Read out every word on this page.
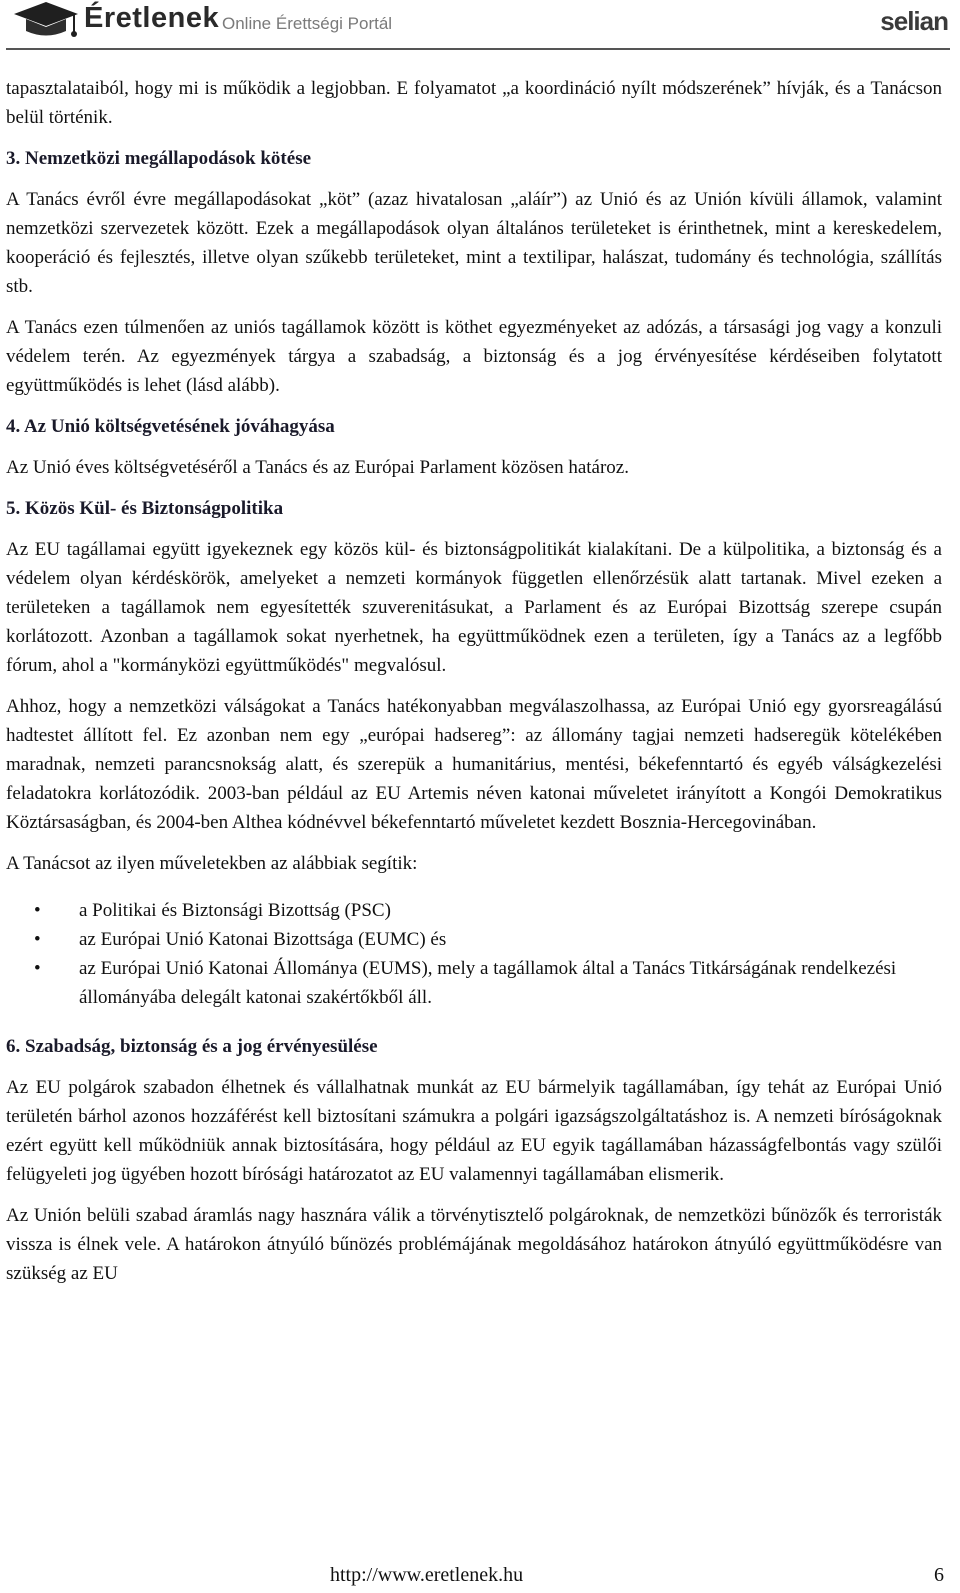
Éretlenek Online Érettségi Portál	selian

tapasztalataiból, hogy mi is működik a legjobban. E folyamatot „a koordináció nyílt módszerének” hívják, és a Tanácson belül történik.

3. Nemzetközi megállapodások kötése

A Tanács évről évre megállapodásokat „köt” (azaz hivatalosan „aláír”) az Unió és az Unión kívüli államok, valamint nemzetközi szervezetek között. Ezek a megállapodások olyan általános területeket is érinthetnek, mint a kereskedelem, kooperáció és fejlesztés, illetve olyan szűkebb területeket, mint a textilipar, halászat, tudomány és technológia, szállítás stb.

A Tanács ezen túlmenően az uniós tagállamok között is köthet egyezményeket az adózás, a társasági jog vagy a konzuli védelem terén. Az egyezmények tárgya a szabadság, a biztonság és a jog érvényesítése kérdéseiben folytatott együttműködés is lehet (lásd alább).

4. Az Unió költségvetésének jóváhagyása

Az Unió éves költségvetéséről a Tanács és az Európai Parlament közösen határoz.

5. Közös Kül- és Biztonságpolitika

Az EU tagállamai együtt igyekeznek egy közös kül- és biztonságpolitikát kialakítani. De a külpolitika, a biztonság és a védelem olyan kérdéskörök, amelyeket a nemzeti kormányok független ellenőrzésük alatt tartanak. Mivel ezeken a területeken a tagállamok nem egyesítették szuverenitásukat, a Parlament és az Európai Bizottság szerepe csupán korlátozott. Azonban a tagállamok sokat nyerhetnek, ha együttműködnek ezen a területen, így a Tanács az a legfőbb fórum, ahol a "kormányközi együttműködés" megvalósul.

Ahhoz, hogy a nemzetközi válságokat a Tanács hatékonyabban megválaszolhassa, az Európai Unió egy gyorsreagálású hadtestet állított fel. Ez azonban nem egy „európai hadsereg”: az állomány tagjai nemzeti hadseregük kötelékében maradnak, nemzeti parancsnokság alatt, és szerepük a humanitárius, mentési, békefenntartó és egyéb válságkezelési feladatokra korlátozódik. 2003-ban például az EU Artemis néven katonai műveletet irányított a Kongói Demokratikus Köztársaságban, és 2004-ben Althea kódnévvel békefenntartó műveletet kezdett Bosznia-Hercegovinában.

A Tanácsot az ilyen műveletekben az alábbiak segítik:

• a Politikai és Biztonsági Bizottság (PSC)
• az Európai Unió Katonai Bizottsága (EUMC) és
• az Európai Unió Katonai Állománya (EUMS), mely a tagállamok által a Tanács Titkárságának rendelkezési állományába delegált katonai szakértőkből áll.
6. Szabadság, biztonság és a jog érvényesülése

Az EU polgárok szabadon élhetnek és vállalhatnak munkát az EU bármelyik tagállamában, így tehát az Európai Unió területén bárhol azonos hozzáférést kell biztosítani számukra a polgári igazságszolgáltatáshoz is. A nemzeti bíróságoknak ezért együtt kell működniük annak biztosítására, hogy például az EU egyik tagállamában házasságfelbontás vagy szülői felügyeleti jog ügyében hozott bírósági határozatot az EU valamennyi tagállamában elismerik.

Az Unión belüli szabad áramlás nagy hasznára válik a törvénytisztelő polgároknak, de nemzetközi bűnözők és terroristák vissza is élnek vele. A határokon átnyúló bűnözés problémájának megoldásához határokon átnyúló együttműködésre van szükség az EU

http://www.eretlenek.hu	6
